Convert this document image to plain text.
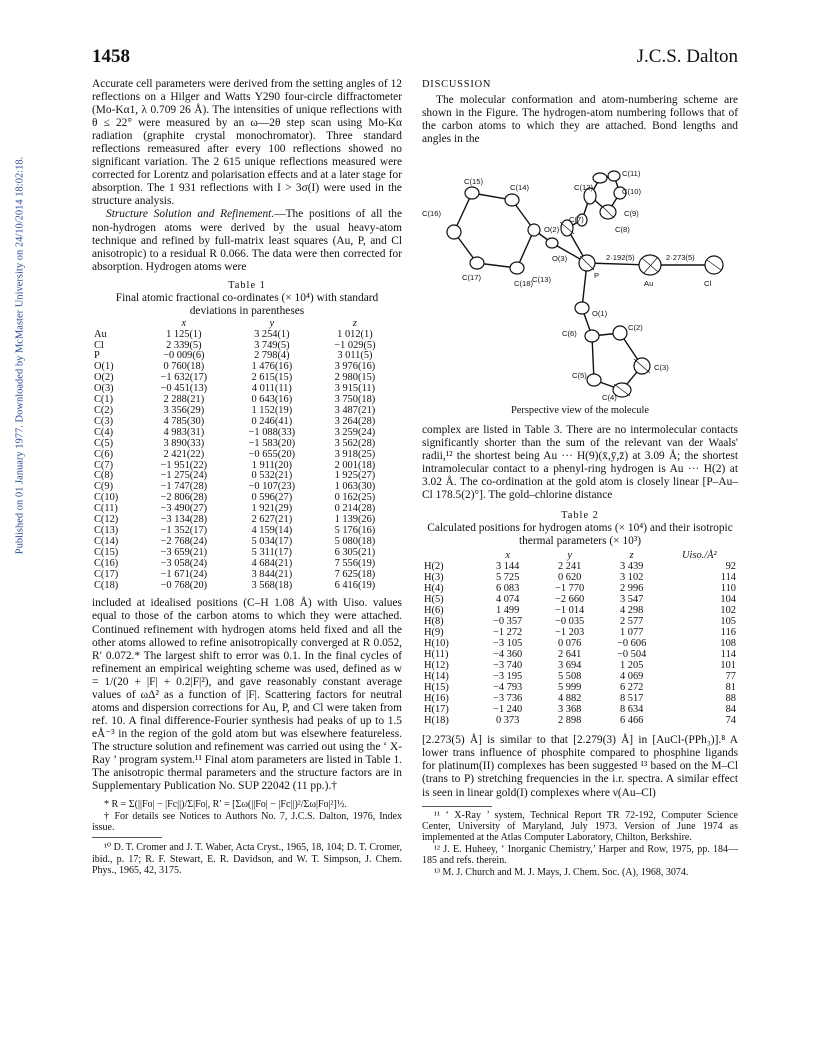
Published on 01 January 1977. Downloaded by McMaster University on 24/10/2014 18:02:18.
1458	J.C.S. Dalton

Accurate cell parameters were derived from the setting angles of 12 reflections on a Hilger and Watts Y290 four-circle diffractometer (Mo-Kα1, λ 0.709 26 Å). The intensities of unique reflections with θ ≤ 22° were measured by an ω—2θ step scan using Mo-Kα radiation (graphite crystal monochromator). Three standard reflections remeasured after every 100 reflections showed no significant variation. The 2 615 unique reflections measured were corrected for Lorentz and polarisation effects and at a later stage for absorption. The 1 931 reflections with I > 3σ(I) were used in the structure analysis.

Structure Solution and Refinement.—The positions of all the non-hydrogen atoms were derived by the usual heavy-atom technique and refined by full-matrix least squares (Au, P, and Cl anisotropic) to a residual R 0.066. The data were then corrected for absorption. Hydrogen atoms were

Table 1
Final atomic fractional co-ordinates (× 10⁴) with standard deviations in parentheses
	x	y	z
Au	1 125(1)	3 254(1)	1 012(1)
Cl	2 339(5)	3 749(5)	−1 029(5)
P	−0 009(6)	2 798(4)	3 011(5)
O(1)	0 760(18)	1 476(16)	3 976(16)
O(2)	−1 632(17)	2 615(15)	2 980(15)
O(3)	−0 451(13)	4 011(11)	3 915(11)
C(1)	2 288(21)	0 643(16)	3 750(18)
C(2)	3 356(29)	1 152(19)	3 487(21)
C(3)	4 785(30)	0 246(41)	3 264(28)
C(4)	4 983(31)	−1 088(33)	3 259(24)
C(5)	3 890(33)	−1 583(20)	3 562(28)
C(6)	2 421(22)	−0 655(20)	3 918(25)
C(7)	−1 951(22)	1 911(20)	2 001(18)
C(8)	−1 275(24)	0 532(21)	1 925(27)
C(9)	−1 747(28)	−0 107(23)	1 063(30)
C(10)	−2 806(28)	0 596(27)	0 162(25)
C(11)	−3 490(27)	1 921(29)	0 214(28)
C(12)	−3 134(28)	2 627(21)	1 139(26)
C(13)	−1 352(17)	4 159(14)	5 176(16)
C(14)	−2 768(24)	5 034(17)	5 080(18)
C(15)	−3 659(21)	5 311(17)	6 305(21)
C(16)	−3 058(24)	4 684(21)	7 556(19)
C(17)	−1 671(24)	3 844(21)	7 625(18)
C(18)	−0 768(20)	3 568(18)	6 416(19)

included at idealised positions (C–H 1.08 Å) with Uiso. values equal to those of the carbon atoms to which they were attached. Continued refinement with hydrogen atoms held fixed and all the other atoms allowed to refine anisotropically converged at R 0.052, R′ 0.072.* The largest shift to error was 0.1. In the final cycles of refinement an empirical weighting scheme was used, defined as w = 1/(20 + |F| + 0.2|F|²), and gave reasonably constant average values of ωΔ² as a function of |F|. Scattering factors for neutral atoms and dispersion corrections for Au, P, and Cl were taken from ref. 10. A final difference-Fourier synthesis had peaks of up to 1.5 eÅ⁻³ in the region of the gold atom but was elsewhere featureless. The structure solution and refinement was carried out using the ‘ X-Ray ’ program system.¹¹ Final atom parameters are listed in Table 1. The anisotropic thermal parameters and the structure factors are in Supplementary Publication No. SUP 22042 (11 pp.).†

* R = Σ(||Fo| − |Fc||)/Σ|Fo|, R′ = [Σω(||Fo| − |Fc||)²/Σω|Fo|²]½.

† For details see Notices to Authors No. 7, J.C.S. Dalton, 1976, Index issue.

¹⁰ D. T. Cromer and J. T. Waber, Acta Cryst., 1965, 18, 104; D. T. Cromer, ibid., p. 17; R. F. Stewart, E. R. Davidson, and W. T. Simpson, J. Chem. Phys., 1965, 42, 3175.

DISCUSSION

The molecular conformation and atom-numbering scheme are shown in the Figure. The hydrogen-atom numbering follows that of the carbon atoms to which they are attached. Bond lengths and angles in the

C(11)
C(12)	C(10)
C(9)
C(7)
C(8)
C(15)
C(14)
O(2)
C(16)
O(3)
C(13)	P
Au	Cl
2·192(5)	2·273(5)
C(17)
C(18)
O(1)
C(6)
C(2)
C(5)
C(4)
C(3)
Perspective view of the molecule

complex are listed in Table 3. There are no intermolecular contacts significantly shorter than the sum of the relevant van der Waals' radii,¹² the shortest being Au ··· H(9)(x̄,ȳ,z̄) at 3.09 Å; the shortest intramolecular contact to a phenyl-ring hydrogen is Au ··· H(2) at 3.02 Å. The co-ordination at the gold atom is closely linear [P–Au–Cl 178.5(2)°]. The gold–chlorine distance

Table 2
Calculated positions for hydrogen atoms (× 10⁴) and their isotropic thermal parameters (× 10³)
	x	y	z	Uiso./Å²
H(2)	3 144	2 241	3 439	92
H(3)	5 725	0 620	3 102	114
H(4)	6 083	−1 770	2 996	110
H(5)	4 074	−2 660	3 547	104
H(6)	1 499	−1 014	4 298	102
H(8)	−0 357	−0 035	2 577	105
H(9)	−1 272	−1 203	1 077	116
H(10)	−3 105	0 076	−0 606	108
H(11)	−4 360	2 641	−0 504	114
H(12)	−3 740	3 694	1 205	101
H(14)	−3 195	5 508	4 069	77
H(15)	−4 793	5 999	6 272	81
H(16)	−3 736	4 882	8 517	88
H(17)	−1 240	3 368	8 634	84
H(18)	0 373	2 898	6 466	74

[2.273(5) Å] is similar to that [2.279(3) Å] in [AuCl-(PPh₃)].⁸ A lower trans influence of phosphite compared to phosphine ligands for platinum(II) complexes has been suggested ¹³ based on the M–Cl (trans to P) stretching frequencies in the i.r. spectra. A similar effect is seen in linear gold(I) complexes where ν(Au–Cl)

¹¹ ‘ X-Ray ’ system, Technical Report TR 72-192, Computer Science Center, University of Maryland, July 1973. Version of June 1974 as implemented at the Atlas Computer Laboratory, Chilton, Berkshire.

¹² J. E. Huheey, ‘ Inorganic Chemistry,’ Harper and Row, 1975, pp. 184—185 and refs. therein.

¹³ M. J. Church and M. J. Mays, J. Chem. Soc. (A), 1968, 3074.
